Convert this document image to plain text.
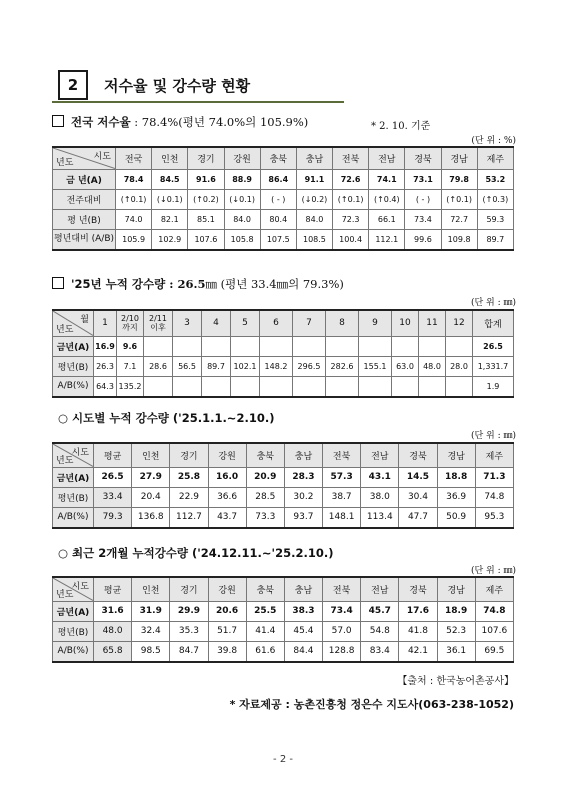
2	저수율 및 강수량 현황
전국 저수율 : 78.4%(평년 74.0%의 105.9%)	* 2. 10. 기준
(단 위 : %)
시도
년도	전국	인천	경기	강원	충북	충남	전북	전남	경북	경남	제주
금 년(A)	78.4	84.5	91.6	88.9	86.4	91.1	72.6	74.1	73.1	79.8	53.2
전주대비	(↑0.1)	(↓0.1)	(↑0.2)	(↓0.1)	( - )	(↓0.2)	(↑0.1)	(↑0.4)	( - )	(↑0.1)	(↑0.3)
평 년(B)	74.0	82.1	85.1	84.0	80.4	84.0	72.3	66.1	73.4	72.7	59.3
평년대비 (A/B)	105.9	102.9	107.6	105.8	107.5	108.5	100.4	112.1	99.6	109.8	89.7
'25년 누적 강수량 : 26.5㎜ (평년 33.4㎜의 79.3%)
(단 위 : ㎜)
월
년도	1	2/10 까지	2/11 이후	3	4	5	6	7	8	9	10	11	12	합계
금년(A)	16.9	9.6												26.5
평년(B)	26.3	7.1	28.6	56.5	89.7	102.1	148.2	296.5	282.6	155.1	63.0	48.0	28.0	1,331.7
A/B(%)	64.3	135.2												1.9
○ 시도별 누적 강수량 ('25.1.1.~2.10.)
(단 위 : ㎜)
시도
년도	평균	인천	경기	강원	충북	충남	전북	전남	경북	경남	제주
금년(A)	26.5	27.9	25.8	16.0	20.9	28.3	57.3	43.1	14.5	18.8	71.3
평년(B)	33.4	20.4	22.9	36.6	28.5	30.2	38.7	38.0	30.4	36.9	74.8
A/B(%)	79.3	136.8	112.7	43.7	73.3	93.7	148.1	113.4	47.7	50.9	95.3
○ 최근 2개월 누적강수량 ('24.12.11.~'25.2.10.)
(단 위 : ㎜)
시도
년도	평균	인천	경기	강원	충북	충남	전북	전남	경북	경남	제주
금년(A)	31.6	31.9	29.9	20.6	25.5	38.3	73.4	45.7	17.6	18.9	74.8
평년(B)	48.0	32.4	35.3	51.7	41.4	45.4	57.0	54.8	41.8	52.3	107.6
A/B(%)	65.8	98.5	84.7	39.8	61.6	84.4	128.8	83.4	42.1	36.1	69.5
【출처 : 한국농어촌공사】
* 자료제공 : 농촌진흥청 정은수 지도사(063-238-1052)
- 2 -
